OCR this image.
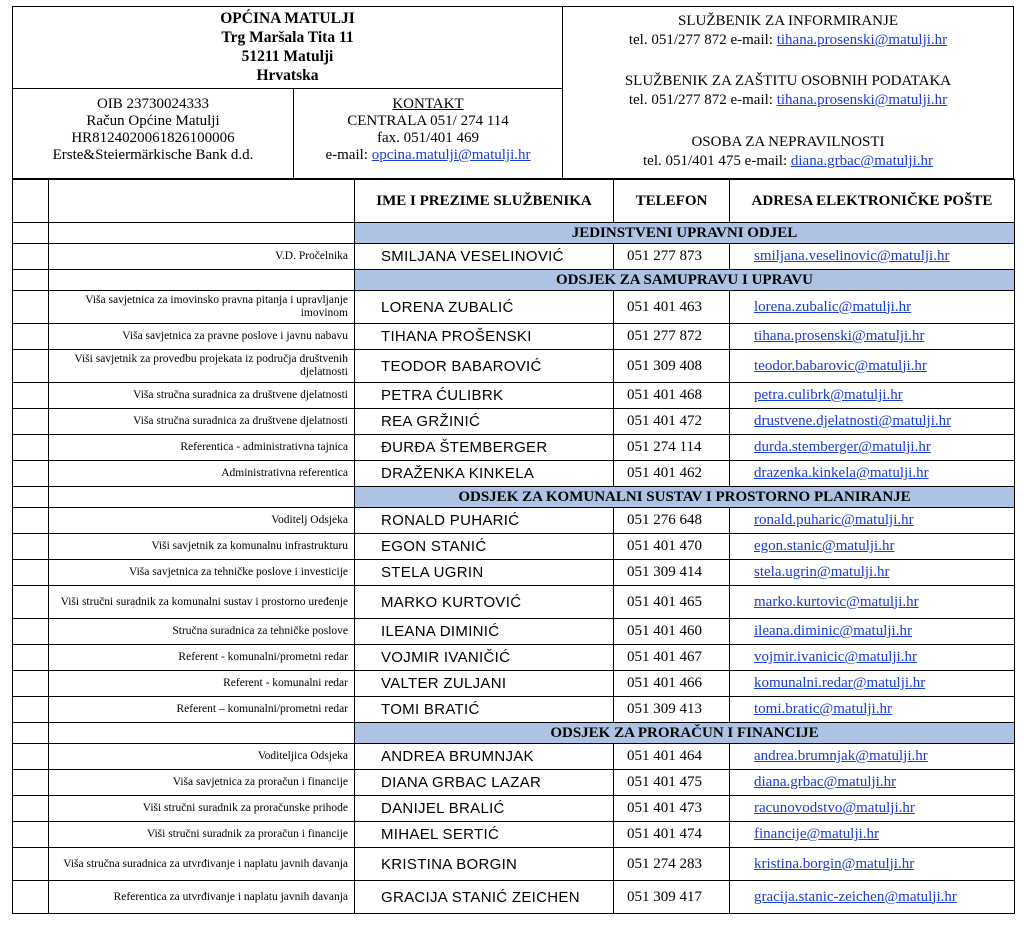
OPĆINA MATULJI
Trg Maršala Tita 11
51211 Matulji
Hrvatska
OIB 23730024333
Račun Općine Matulji
HR8124020061826100006
Erste&Steiermärkische Bank d.d.
KONTAKT
CENTRALA 051/ 274 114
fax. 051/401 469
e-mail: opcina.matulji@matulji.hr
SLUŽBENIK ZA INFORMIRANJE
tel. 051/277 872 e-mail: tihana.prosenski@matulji.hr
SLUŽBENIK ZA ZAŠTITU OSOBNIH PODATAKA
tel. 051/277 872 e-mail: tihana.prosenski@matulji.hr
OSOBA ZA NEPRAVILNOSTI
tel. 051/401 475 e-mail: diana.grbac@matulji.hr
		IME I PREZIME SLUŽBENIKA	TELEFON	ADRESA ELEKTRONIČKE POŠTE
		JEDINSTVENI UPRAVNI ODJEL		
	V.D. Pročelnika	SMILJANA VESELINOVIĆ	051 277 873	smiljana.veselinovic@matulji.hr
		ODSJEK ZA SAMUPRAVU I UPRAVU		
	Viša savjetnica za imovinsko pravna pitanja i upravljanje imovinom	LORENA ZUBALIĆ	051 401 463	lorena.zubalic@matulji.hr
	Viša savjetnica za pravne poslove i javnu nabavu	TIHANA PROŠENSKI	051 277 872	tihana.prosenski@matulji.hr
	Viši savjetnik za provedbu projekata iz područja društvenih djelatnosti	TEODOR BABAROVIĆ	051 309 408	teodor.babarovic@matulji.hr
	Viša stručna suradnica za društvene djelatnosti	PETRA ĆULIBRK	051 401 468	petra.culibrk@matulji.hr
	Viša stručna suradnica za društvene djelatnosti	REA GRŽINIĆ	051 401 472	drustvene.djelatnosti@matulji.hr
	Referentica - administrativna tajnica	ĐURĐA ŠTEMBERGER	051 274 114	durda.stemberger@matulji.hr
	Administrativna referentica	DRAŽENKA KINKELA	051 401 462	drazenka.kinkela@matulji.hr
		ODSJEK ZA KOMUNALNI SUSTAV I PROSTORNO PLANIRANJE		
	Voditelj Odsjeka	RONALD PUHARIĆ	051 276 648	ronald.puharic@matulji.hr
	Viši savjetnik za komunalnu infrastrukturu	EGON STANIĆ	051 401 470	egon.stanic@matulji.hr
	Viša savjetnica za tehničke poslove i investicije	STELA UGRIN	051 309 414	stela.ugrin@matulji.hr
	Viši stručni suradnik za komunalni sustav i prostorno uređenje	MARKO KURTOVIĆ	051 401 465	marko.kurtovic@matulji.hr
	Stručna suradnica za tehničke poslove	ILEANA DIMINIĆ	051 401 460	ileana.diminic@matulji.hr
	Referent - komunalni/prometni redar	VOJMIR IVANIČIĆ	051 401 467	vojmir.ivanicic@matulji.hr
	Referent - komunalni redar	VALTER ZULJANI	051 401 466	komunalni.redar@matulji.hr
	Referent – komunalni/prometni redar	TOMI BRATIĆ	051 309 413	tomi.bratic@matulji.hr
		ODSJEK ZA PRORAČUN I FINANCIJE		
	Voditeljica Odsjeka	ANDREA BRUMNJAK	051 401 464	andrea.brumnjak@matulji.hr
	Viša savjetnica za proračun i financije	DIANA GRBAC LAZAR	051 401 475	diana.grbac@matulji.hr
	Viši stručni suradnik za proračunske prihode	DANIJEL BRALIĆ	051 401 473	racunovodstvo@matulji.hr
	Viši stručni suradnik za proračun i financije	MIHAEL SERTIĆ	051 401 474	financije@matulji.hr
	Viša stručna suradnica za utvrđivanje i naplatu javnih davanja	KRISTINA BORGIN	051 274 283	kristina.borgin@matulji.hr
	Referentica za utvrđivanje i naplatu javnih davanja	GRACIJA STANIĆ ZEICHEN	051 309 417	gracija.stanic-zeichen@matulji.hr
